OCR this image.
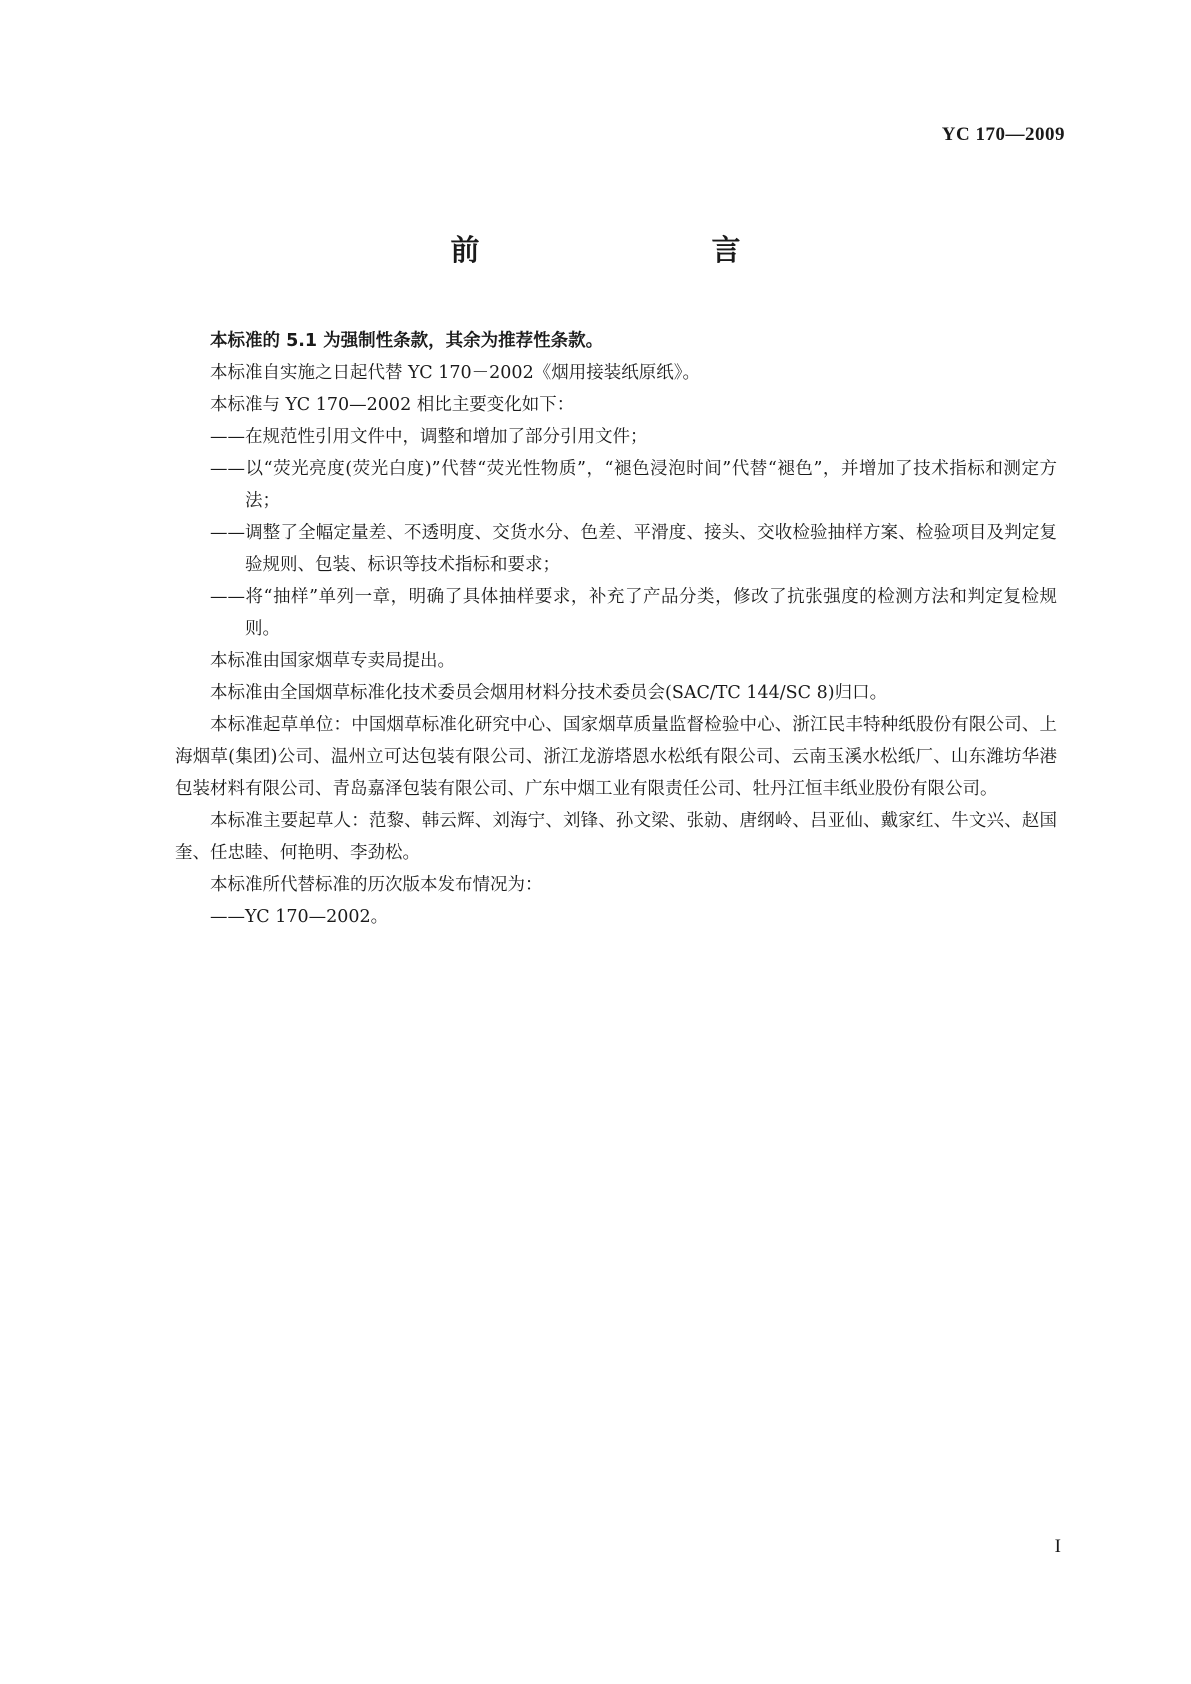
YC 170—2009
前　　言

本标准的 5.1 为强制性条款，其余为推荐性条款。

本标准自实施之日起代替 YC 170－2002《烟用接装纸原纸》。

本标准与 YC 170—2002 相比主要变化如下：

——在规范性引用文件中，调整和增加了部分引用文件；

——以“荧光亮度(荧光白度)”代替“荧光性物质”，“褪色浸泡时间”代替“褪色”，并增加了技术指标和测定方法；

——调整了全幅定量差、不透明度、交货水分、色差、平滑度、接头、交收检验抽样方案、检验项目及判定复验规则、包装、标识等技术指标和要求；

——将“抽样”单列一章，明确了具体抽样要求，补充了产品分类，修改了抗张强度的检测方法和判定复检规则。

本标准由国家烟草专卖局提出。

本标准由全国烟草标准化技术委员会烟用材料分技术委员会(SAC/TC 144/SC 8)归口。

本标准起草单位：中国烟草标准化研究中心、国家烟草质量监督检验中心、浙江民丰特种纸股份有限公司、上海烟草(集团)公司、温州立可达包装有限公司、浙江龙游塔恩水松纸有限公司、云南玉溪水松纸厂、山东潍坊华港包装材料有限公司、青岛嘉泽包装有限公司、广东中烟工业有限责任公司、牡丹江恒丰纸业股份有限公司。

本标准主要起草人：范黎、韩云辉、刘海宁、刘锋、孙文梁、张勍、唐纲岭、吕亚仙、戴家红、牛文兴、赵国奎、任忠睦、何艳明、李劲松。

本标准所代替标准的历次版本发布情况为：

——YC 170—2002。

I
